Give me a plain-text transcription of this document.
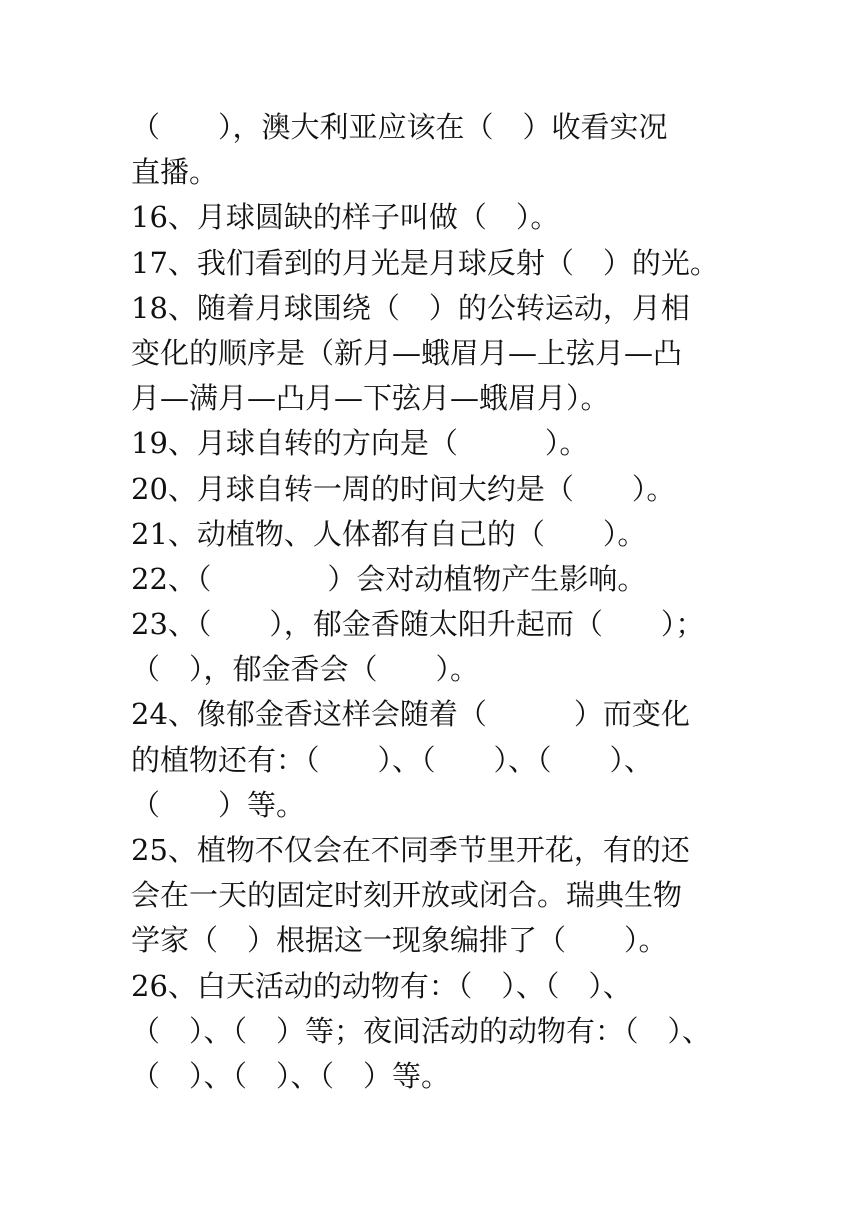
（　　），澳大利亚应该在（　）收看实况
直播。
16、月球圆缺的样子叫做（　）。
17、我们看到的月光是月球反射（　）的光。
18、随着月球围绕（　）的公转运动，月相
变化的顺序是（新月—蛾眉月—上弦月—凸
月—满月—凸月—下弦月—蛾眉月）。
19、月球自转的方向是（　　　）。
20、月球自转一周的时间大约是（　　）。
21、动植物、人体都有自己的（　　）。
22、（　　　　）会对动植物产生影响。
23、（　　），郁金香随太阳升起而（　　）；
（　），郁金香会（　　）。
24、像郁金香这样会随着（　　　）而变化
的植物还有：（　　）、（　　）、（　　）、
（　　）等。
25、植物不仅会在不同季节里开花，有的还
会在一天的固定时刻开放或闭合。瑞典生物
学家（　）根据这一现象编排了（　　）。
26、白天活动的动物有：（　）、（　）、
（　）、（　）等；夜间活动的动物有：（　）、
（　）、（　）、（　）等。
